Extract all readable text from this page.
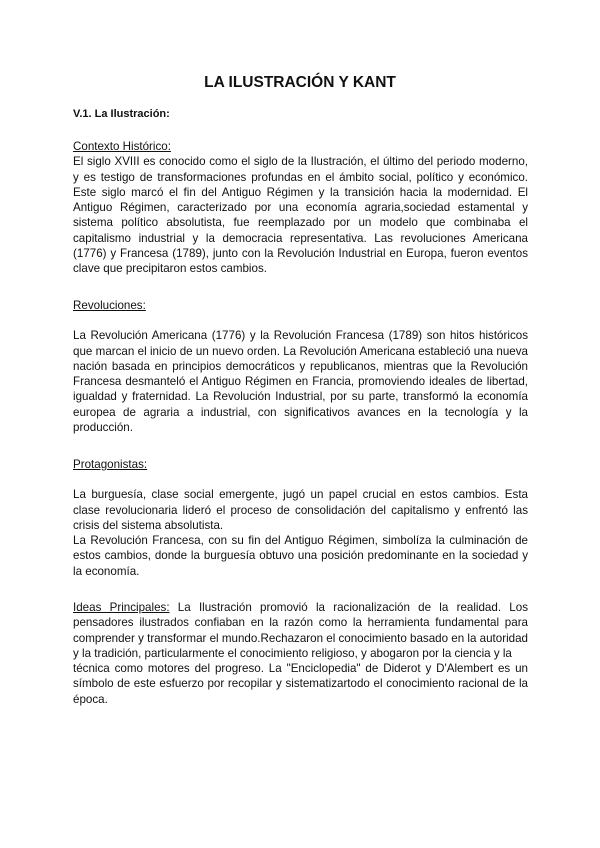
LA ILUSTRACIÓN Y KANT
V.1. La Ilustración:
Contexto Histórico:

El siglo XVIII es conocido como el siglo de la Ilustración, el último del periodo moderno, y es testigo de transformaciones profundas en el ámbito social, político y económico. Este siglo marcó el fin del Antiguo Régimen y la transición hacia la modernidad. El Antiguo Régimen, caracterizado por una economía agraria,sociedad estamental y sistema político absolutista, fue reemplazado por un modelo que combinaba el capitalismo industrial y la democracia representativa. Las revoluciones Americana (1776) y Francesa (1789), junto con la Revolución Industrial en Europa, fueron eventos clave que precipitaron estos cambios.

Revoluciones:

La Revolución Americana (1776) y la Revolución Francesa (1789) son hitos históricos que marcan el inicio de un nuevo orden. La Revolución Americana estableció una nueva nación basada en principios democráticos y republicanos, mientras que la Revolución Francesa desmanteló el Antiguo Régimen en Francia, promoviendo ideales de libertad, igualdad y fraternidad. La Revolución Industrial, por su parte, transformó la economía europea de agraria a industrial, con significativos avances en la tecnología y la producción.

Protagonistas:

La burguesía, clase social emergente, jugó un papel crucial en estos cambios. Esta clase revolucionaria lideró el proceso de consolidación del capitalismo y enfrentó las crisis del sistema absolutista.

La Revolución Francesa, con su fin del Antiguo Régimen, simbolíza la culminación de estos cambios, donde la burguesía obtuvo una posición predominante en la sociedad y la economía.

Ideas Principales: La Ilustración promovió la racionalización de la realidad. Los pensadores ilustrados confiaban en la razón como la herramienta fundamental para comprender y transformar el mundo.Rechazaron el conocimiento basado en la autoridad y la tradición, particularmente el conocimiento religioso, y abogaron por la ciencia y la

técnica como motores del progreso. La "Enciclopedia" de Diderot y D'Alembert es un símbolo de este esfuerzo por recopilar y sistematizartodo el conocimiento racional de la época.
